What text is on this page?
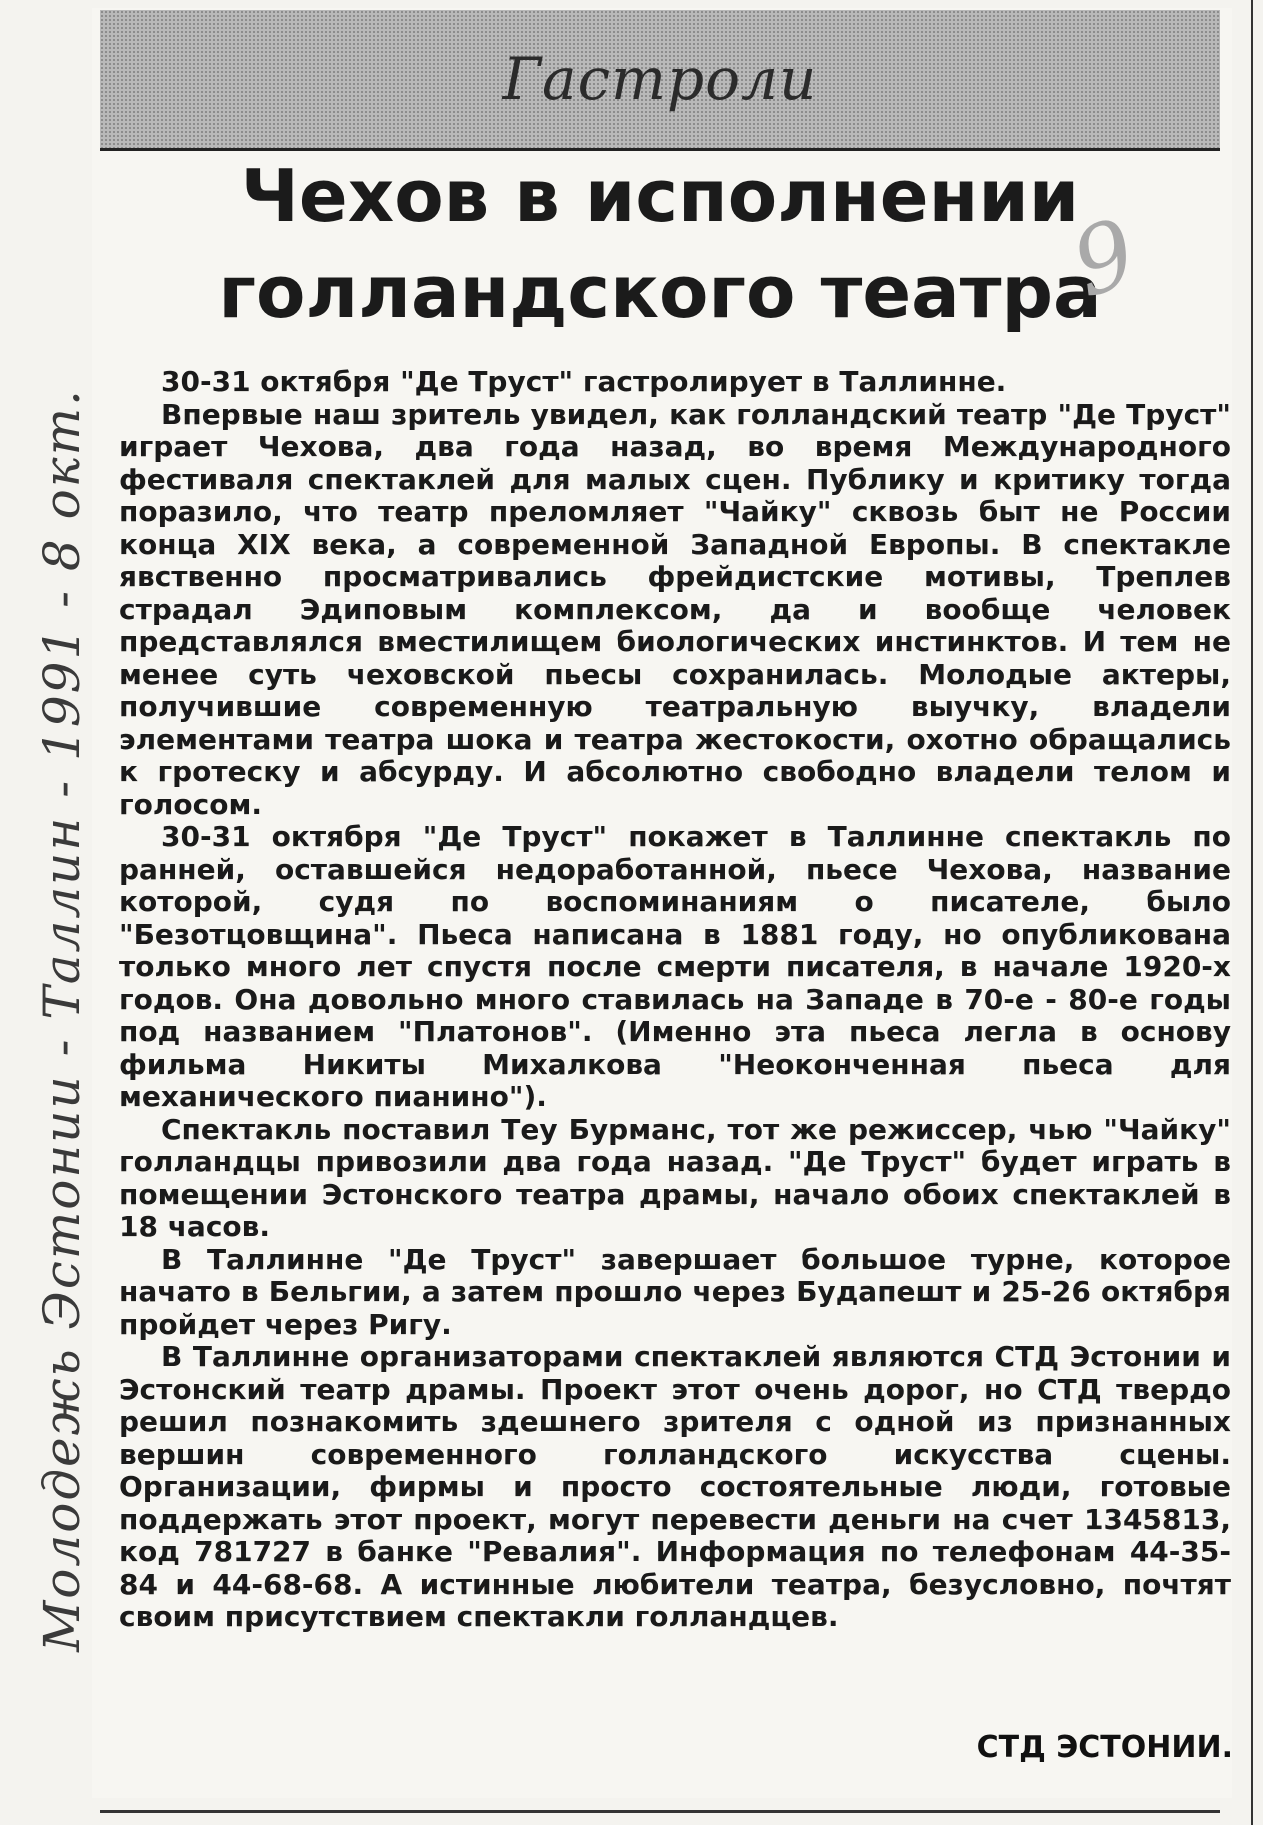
Гастроли
Чехов в исполнении
голландского театра

30-31 октября "Де Труст" гастролирует в Таллинне.

Впервые наш зритель увидел, как голландский театр "Де Труст" играет Чехова, два года назад, во время Международного фестиваля спектаклей для малых сцен. Публику и критику тогда поразило, что театр преломляет "Чайку" сквозь быт не России конца XIX века, а современной Западной Европы. В спектакле явственно просматривались фрейдистские мотивы, Треплев страдал Эдиповым комплексом, да и вообще человек представлялся вместилищем биологических инстинктов. И тем не менее суть чеховской пьесы сохранилась. Молодые актеры, получившие современную театральную выучку, владели элементами театра шока и театра жестокости, охотно обращались к гротеску и абсурду. И абсолютно свободно владели телом и голосом.

30-31 октября "Де Труст" покажет в Таллинне спектакль по ранней, оставшейся недоработанной, пьесе Чехова, название которой, судя по воспоминаниям о писателе, было "Безотцовщина". Пьеса написана в 1881 году, но опубликована только много лет спустя после смерти писателя, в начале 1920-х годов. Она довольно много ставилась на Западе в 70-е - 80-е годы под названием "Платонов". (Именно эта пьеса легла в основу фильма Никиты Михалкова "Неоконченная пьеса для механического пианино").

Спектакль поставил Теу Бурманс, тот же режиссер, чью "Чайку" голландцы привозили два года назад. "Де Труст" будет играть в помещении Эстонского театра драмы, начало обоих спектаклей в 18 часов.

В Таллинне "Де Труст" завершает большое турне, которое начато в Бельгии, а затем прошло через Будапешт и 25-26 октября пройдет через Ригу.

В Таллинне организаторами спектаклей являются СТД Эстонии и Эстонский театр драмы. Проект этот очень дорог, но СТД твердо решил познакомить здешнего зрителя с одной из признанных вершин современного голландского искусства сцены. Организации, фирмы и просто состоятельные люди, готовые поддержать этот проект, могут перевести деньги на счет 1345813, код 781727 в банке "Ревалия". Информация по телефонам 44-35-84 и 44-68-68. А истинные любители театра, безусловно, почтят своим присутствием спектакли голландцев.

СТД ЭСТОНИИ.
Молодежь Эстонии - Таллин - 1991 - 8 окт.
9
